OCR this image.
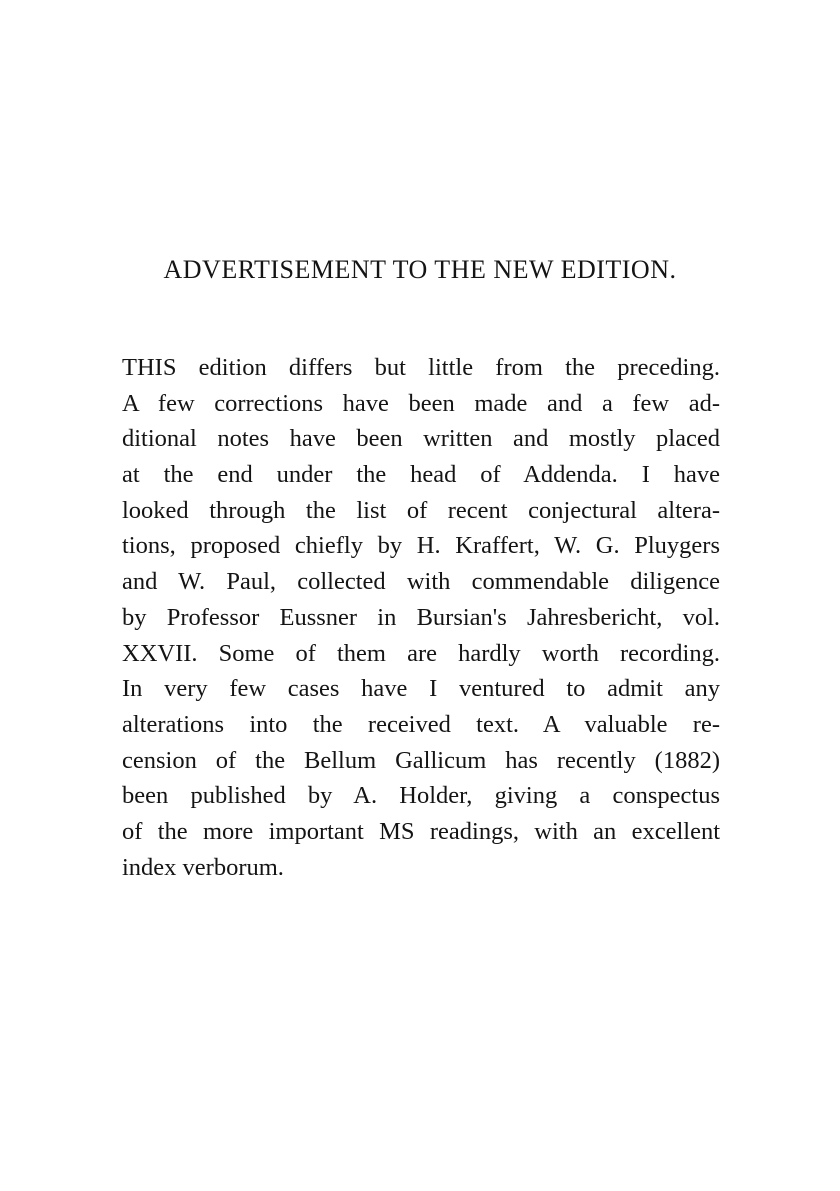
ADVERTISEMENT TO THE NEW EDITION.
THIS edition differs but little from the preceding.
A few corrections have been made and a few ad-
ditional notes have been written and mostly placed
at the end under the head of Addenda. I have
looked through the list of recent conjectural altera-
tions, proposed chiefly by H. Kraffert, W. G. Pluygers
and W. Paul, collected with commendable diligence
by Professor Eussner in Bursian's Jahresbericht, vol.
XXVII. Some of them are hardly worth recording.
In very few cases have I ventured to admit any
alterations into the received text. A valuable re-
cension of the Bellum Gallicum has recently (1882)
been published by A. Holder, giving a conspectus
of the more important MS readings, with an excellent
index verborum.
